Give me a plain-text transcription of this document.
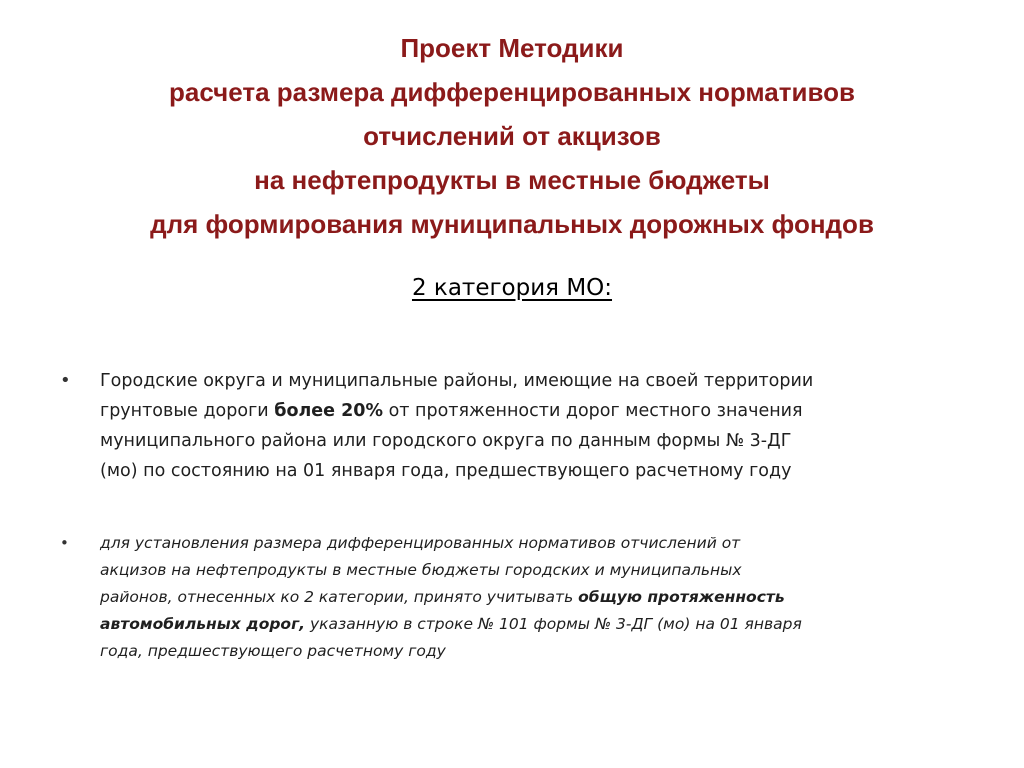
Проект Методики
расчета размера дифференцированных нормативов
отчислений от акцизов
на нефтепродукты в местные бюджеты
для формирования муниципальных дорожных фондов
2 категория МО:
• Городские округа и муниципальные районы, имеющие на своей территории
грунтовые дороги более 20% от протяженности дорог местного значения
муниципального района или городского округа по данным формы № 3-ДГ
(мо) по состоянию на 01 января года, предшествующего расчетному году
• для установления размера дифференцированных нормативов отчислений от
акцизов на нефтепродукты в местные бюджеты городских и муниципальных
районов, отнесенных ко 2 категории, принято учитывать общую протяженность
автомобильных дорог, указанную в строке № 101 формы № 3-ДГ (мо) на 01 января
года, предшествующего расчетному году
